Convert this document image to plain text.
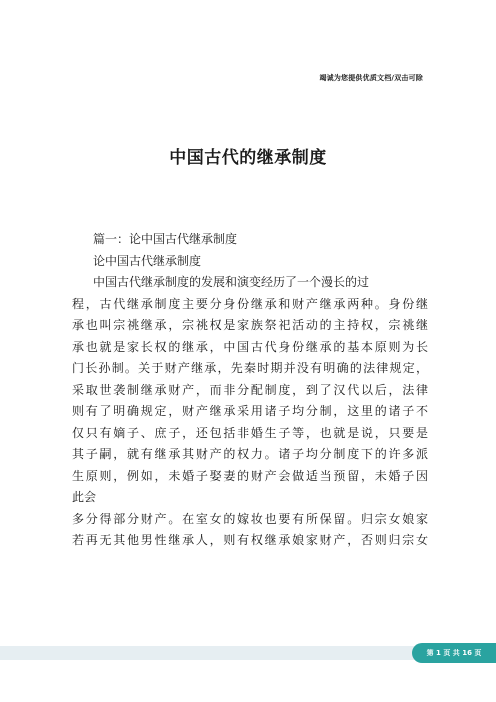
竭诚为您提供优质文档/双击可除
中国古代的继承制度
篇一：论中国古代继承制度
论中国古代继承制度
中国古代继承制度的发展和演变经历了一个漫长的过
程，古代继承制度主要分身份继承和财产继承两种。身份继
承也叫宗祧继承，宗祧权是家族祭祀活动的主持权，宗祧继
承也就是家长权的继承，中国古代身份继承的基本原则为长
门长孙制。关于财产继承，先秦时期并没有明确的法律规定，
采取世袭制继承财产，而非分配制度，到了汉代以后，法律
则有了明确规定，财产继承采用诸子均分制，这里的诸子不
仅只有嫡子、庶子，还包括非婚生子等，也就是说，只要是
其子嗣，就有继承其财产的权力。诸子均分制度下的许多派
生原则，例如，未婚子娶妻的财产会做适当预留，未婚子因
此会
多分得部分财产。在室女的嫁妆也要有所保留。归宗女娘家
若再无其他男性继承人，则有权继承娘家财产，否则归宗女
第 1 页 共 16 页
